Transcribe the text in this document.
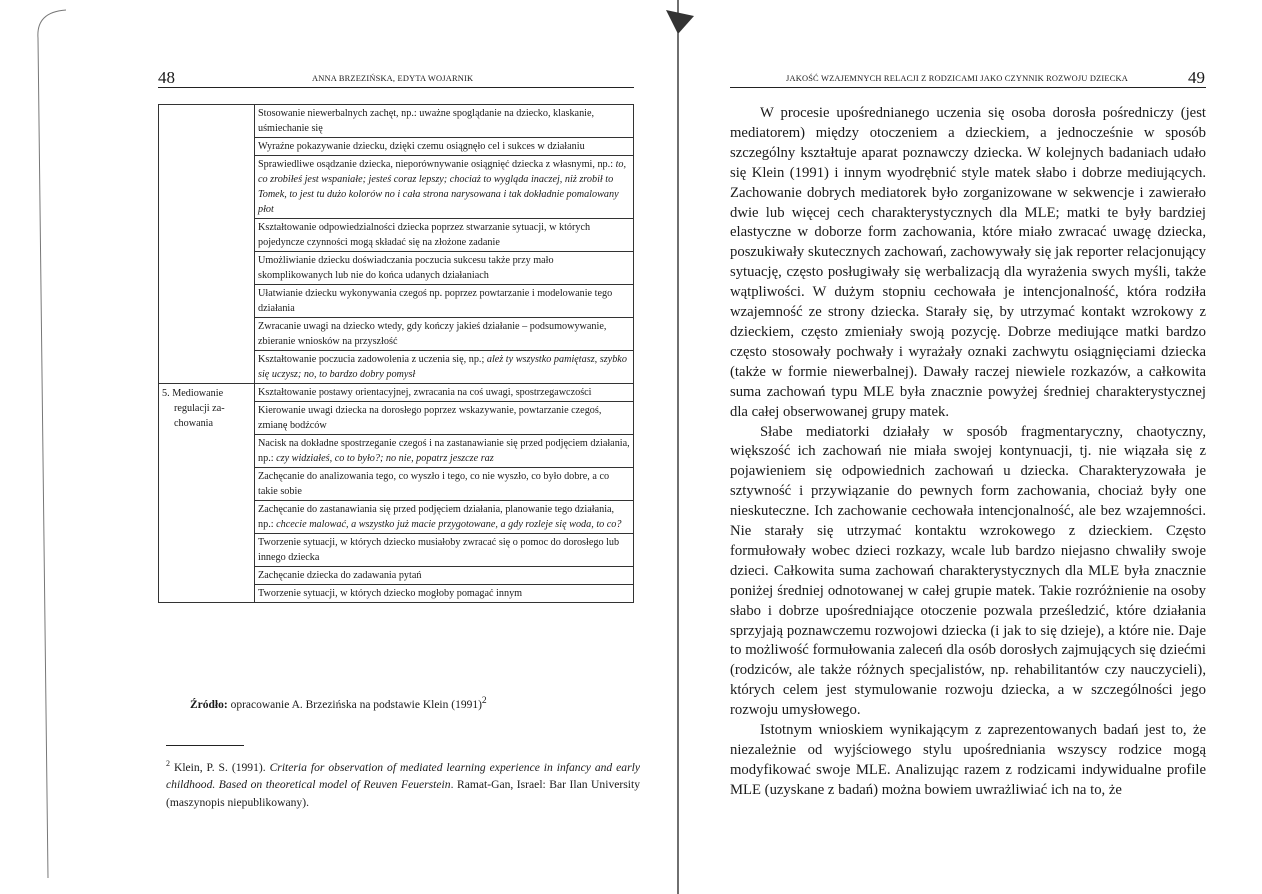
48	ANNA BRZEZIŃSKA, EDYTA WOJARNIK
	Stosowanie niewerbalnych zachęt, np.: uważne spoglądanie na dziecko, klaskanie, uśmiechanie się
	Wyraźne pokazywanie dziecku, dzięki czemu osiągnęło cel i sukces w działaniu
	Sprawiedliwe osądzanie dziecka, nieporównywanie osiągnięć dziecka z własnymi, np.: to, co zrobiłeś jest wspaniałe; jesteś coraz lepszy; chociaż to wygląda inaczej, niż zrobił to Tomek, to jest tu dużo kolorów no i cała strona narysowana i tak dokładnie pomalowany płot
	Kształtowanie odpowiedzialności dziecka poprzez stwarzanie sytuacji, w których pojedyncze czynności mogą składać się na złożone zadanie
	Umożliwianie dziecku doświadczania poczucia sukcesu także przy mało skomplikowanych lub nie do końca udanych działaniach
	Ułatwianie dziecku wykonywania czegoś np. poprzez powtarzanie i modelowanie tego działania
	Zwracanie uwagi na dziecko wtedy, gdy kończy jakieś działanie – podsumowywanie, zbieranie wniosków na przyszłość
	Kształtowanie poczucia zadowolenia z uczenia się, np.; ależ ty wszystko pamiętasz, szybko się uczysz; no, to bardzo dobry pomysł

5. Mediowanie
regulacji za-
chowania	Kształtowanie postawy orientacyjnej, zwracania na coś uwagi, spostrzegawczości
	Kierowanie uwagi dziecka na dorosłego poprzez wskazywanie, powtarzanie czegoś, zmianę bodźców
	Nacisk na dokładne spostrzeganie czegoś i na zastanawianie się przed podjęciem działania, np.: czy widziałeś, co to było?; no nie, popatrz jeszcze raz
	Zachęcanie do analizowania tego, co wyszło i tego, co nie wyszło, co było dobre, a co takie sobie
	Zachęcanie do zastanawiania się przed podjęciem działania, planowanie tego działania, np.: chcecie malować, a wszystko już macie przygotowane, a gdy rozleje się woda, to co?
	Tworzenie sytuacji, w których dziecko musiałoby zwracać się o pomoc do dorosłego lub innego dziecka
	Zachęcanie dziecka do zadawania pytań
	Tworzenie sytuacji, w których dziecko mogłoby pomagać innym
Źródło: opracowanie A. Brzezińska na podstawie Klein $(1991)^2$
$^2$ Klein, P. S. (1991). Criteria for observation of mediated learning experience in infancy and early childhood. Based on theoretical model of Reuven Feuerstein. Ramat-Gan, Israel: Bar Ilan University (maszynopis niepublikowany).
JAKOŚĆ WZAJEMNYCH RELACJI Z RODZICAMI JAKO CZYNNIK ROZWOJU DZIECKA	49

W procesie upośrednianego uczenia się osoba dorosła pośredniczy (jest mediatorem) między otoczeniem a dzieckiem, a jednocześnie w sposób szczególny kształtuje aparat poznawczy dziecka. W kolejnych badaniach udało się Klein (1991) i innym wyodrębnić style matek słabo i dobrze mediujących. Zachowanie dobrych mediatorek było zorganizowane w sekwencje i zawierało dwie lub więcej cech charakterystycznych dla MLE; matki te były bardziej elastyczne w doborze form zachowania, które miało zwracać uwagę dziecka, poszukiwały skutecznych zachowań, zachowywały się jak reporter relacjonujący sytuację, często posługiwały się werbalizacją dla wyrażenia swych myśli, także wątpliwości. W dużym stopniu cechowała je intencjonalność, która rodziła wzajemność ze strony dziecka. Starały się, by utrzymać kontakt wzrokowy z dzieckiem, często zmieniały swoją pozycję. Dobrze mediujące matki bardzo często stosowały pochwały i wyrażały oznaki zachwytu osiągnięciami dziecka (także w formie niewerbalnej). Dawały raczej niewiele rozkazów, a całkowita suma zachowań typu MLE była znacznie powyżej średniej charakterystycznej dla całej obserwowanej grupy matek.

Słabe mediatorki działały w sposób fragmentaryczny, chaotyczny, większość ich zachowań nie miała swojej kontynuacji, tj. nie wiązała się z pojawieniem się odpowiednich zachowań u dziecka. Charakteryzowała je sztywność i przywiązanie do pewnych form zachowania, chociaż były one nieskuteczne. Ich zachowanie cechowała intencjonalność, ale bez wzajemności. Nie starały się utrzymać kontaktu wzrokowego z dzieckiem. Często formułowały wobec dzieci rozkazy, wcale lub bardzo niejasno chwaliły swoje dzieci. Całkowita suma zachowań charakterystycznych dla MLE była znacznie poniżej średniej odnotowanej w całej grupie matek. Takie rozróżnienie na osoby słabo i dobrze upośredniające otoczenie pozwala prześledzić, które działania sprzyjają poznawczemu rozwojowi dziecka (i jak to się dzieje), a które nie. Daje to możliwość formułowania zaleceń dla osób dorosłych zajmujących się dziećmi (rodziców, ale także różnych specjalistów, np. rehabilitantów czy nauczycieli), których celem jest stymulowanie rozwoju dziecka, a w szczególności jego rozwoju umysłowego.

Istotnym wnioskiem wynikającym z zaprezentowanych badań jest to, że niezależnie od wyjściowego stylu upośredniania wszyscy rodzice mogą modyfikować swoje MLE. Analizując razem z rodzicami indywidualne profile MLE (uzyskane z badań) można bowiem uwrażliwiać ich na to, że
